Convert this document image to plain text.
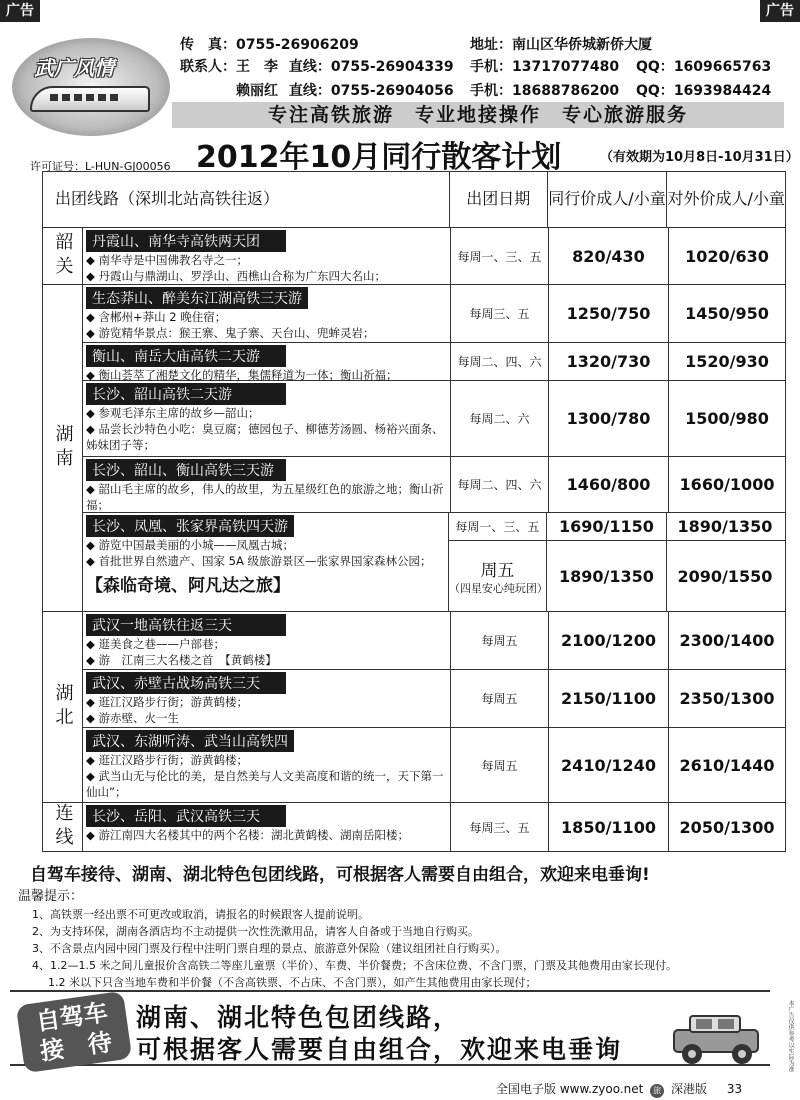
广告	广告
武广风情
传　真：0755-26906209	地址：南山区华侨城新侨大厦
联系人：王　李 直线：0755-26904339 手机：13717077480 QQ：1609665763
赖丽红 直线：0755-26904056 手机：18688786200 QQ：1693984424
专注高铁旅游　专业地接操作　专心旅游服务
2012年10月同行散客计划	（有效期为10月8日-10月31日）
许可证号：L-HUN-GJ00056
出团线路（深圳北站高铁往返）	出团日期	同行价 成人/小童 对外价 成人/小童
韶关	丹霞山、南华寺高铁两天团
◆ 南华寺是中国佛教名寺之一；
◆ 丹霞山与鼎湖山、罗浮山、西樵山合称为广东四大名山；
每周一、三、五	820/430	1020/630
湖南
生态莽山、醉美东江湖高铁三天游
◆ 含郴州+莽山 2 晚住宿；
◆ 游览精华景点：猴王寨、鬼子寨、天台山、兜蛑灵岩；
每周三、五	1250/750	1450/950
衡山、南岳大庙高铁二天游
◆ 衡山荟萃了湘楚文化的精华，集儒释道为一体；衡山祈福；
每周二、四、六	1320/730	1520/930
长沙、韶山高铁二天游
◆ 参观毛泽东主席的故乡—韶山；
◆ 品尝长沙特色小吃：臭豆腐；德园包子、柳德芳汤圆、杨裕兴面条、姊妹团子等；
每周二、六	1300/780	1500/980
长沙、韶山、衡山高铁三天游
◆ 韶山毛主席的故乡，伟人的故里，为五星级红色的旅游之地；衡山祈福；
每周二、四、六	1460/800	1660/1000
长沙、凤凰、张家界高铁四天游
◆ 游览中国最美丽的小城——凤凰古城；
◆ 首批世界自然遗产、国家 5A 级旅游景区—张家界国家森林公园；
【森临奇境、阿凡达之旅】
每周一、三、五	1690/1150	1890/1350
周五
（四星安心纯玩团）
1890/1350	2090/1550
湖北
武汉一地高铁往返三天
◆ 逛美食之巷——户部巷；
◆ 游　江南三大名楼之首　【黄鹤楼】
每周五	2100/1200	2300/1400
武汉、赤壁古战场高铁三天
◆ 逛江汉路步行街；游黄鹤楼；
◆ 游赤壁、火一生
每周五	2150/1100	2350/1300
武汉、东湖听涛、武当山高铁四
◆ 逛江汉路步行街；游黄鹤楼；
◆ 武当山无与伦比的美，是自然美与人文美高度和谐的统一，天下第一仙山”；
每周五	2410/1240	2610/1440
连线	长沙、岳阳、武汉高铁三天
◆ 游江南四大名楼其中的两个名楼：湖北黄鹤楼、湖南岳阳楼；
每周三、五	1850/1100	2050/1300
自驾车接待、湖南、湖北特色包团线路，可根据客人需要自由组合，欢迎来电垂询!
温馨提示：
1、高铁票一经出票不可更改或取消，请报名的时候跟客人提前说明。
2、为支持环保，湖南各酒店均不主动提供一次性洗漱用品，请客人自备或于当地自行购买。
3、不含景点内园中园门票及行程中注明门票自理的景点、旅游意外保险（建议组团社自行购买）。
4、1.2—1.5 米之间儿童报价含高铁二等座儿童票（半价）、车费、半价餐费；不含床位费、不含门票，门票及其他费用由家长现付。
1.2 米以下只含当地车费和半价餐（不含高铁票、不占床、不含门票），如产生其他费用由家长现付；
自驾车
接　待
湖南、湖北特色包团线路，
可根据客人需要自由组合，欢迎来电垂询	本广告仅供参考以实际为准
全国电子版 www.zyoo.net 旅 深港版 33
